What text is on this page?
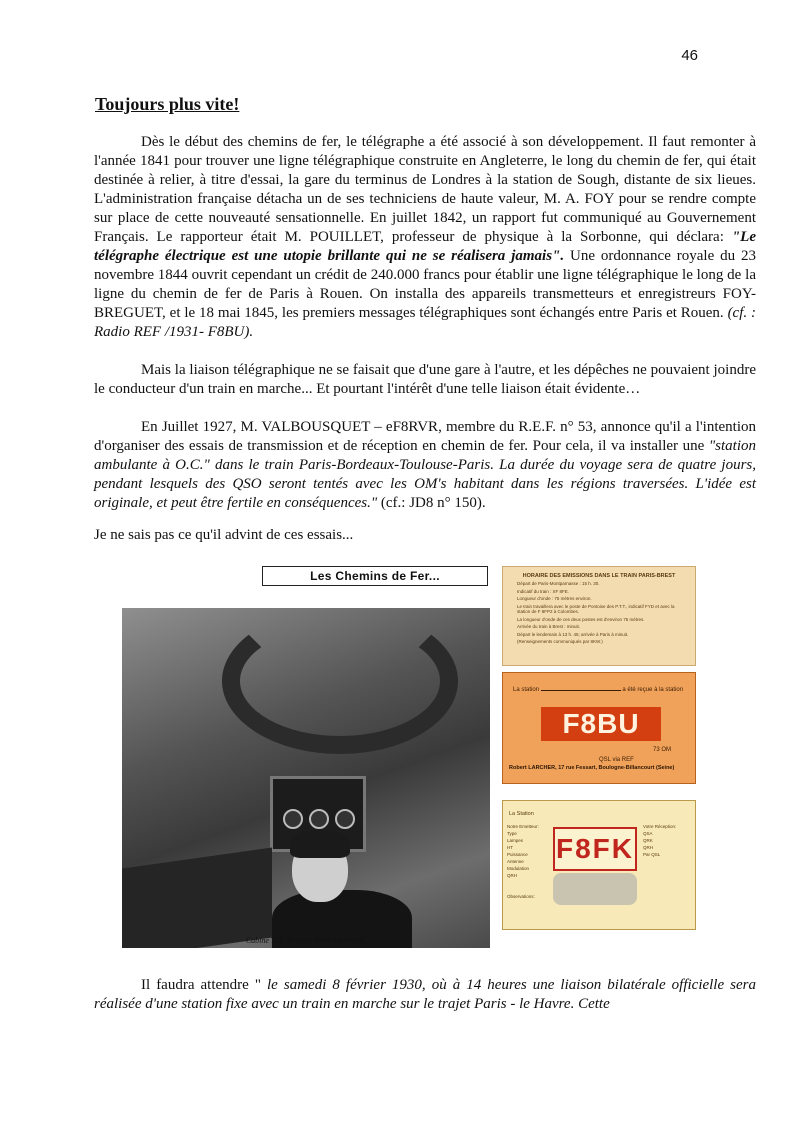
46
Toujours plus vite!

Dès le début des chemins de fer, le télégraphe a été associé à son développement. Il faut remonter à l'année 1841 pour trouver une ligne télégraphique construite en Angleterre, le long du chemin de fer, qui était destinée à relier, à titre d'essai, la gare du terminus de Londres à la station de Sough, distante de six lieues. L'administration française détacha un de ses techniciens de haute valeur, M. A. FOY pour se rendre compte sur place de cette nouveauté sensationnelle. En juillet 1842, un rapport fut communiqué au Gouvernement Français. Le rapporteur était M. POUILLET, professeur de physique à la Sorbonne, qui déclara: "Le télégraphe électrique est une utopie brillante qui ne se réalisera jamais". Une ordonnance royale du 23 novembre 1844 ouvrit cependant un crédit de 240.000 francs pour établir une ligne télégraphique le long de la ligne du chemin de fer de Paris à Rouen. On installa des appareils transmetteurs et enregistreurs FOY-BREGUET, et le 18 mai 1845, les premiers messages télégraphiques sont échangés entre Paris et Rouen. (cf. : Radio REF /1931- F8BU).

Mais la liaison télégraphique ne se faisait que d'une gare à l'autre, et les dépêches ne pouvaient joindre le conducteur d'un train en marche... Et pourtant l'intérêt d'une telle liaison était évidente…

En Juillet 1927, M. VALBOUSQUET – eF8RVR, membre du R.E.F. n° 53, annonce qu'il a l'intention d'organiser des essais de transmission et de réception en chemin de fer. Pour cela, il va installer une "station ambulante à O.C." dans le train Paris-Bordeaux-Toulouse-Paris. La durée du voyage sera de quatre jours, pendant lesquels des QSO seront tentés avec les OM's habitant dans les régions traversées. L'idée est originale, et peut être fertile en conséquences." (cf.: JD8 n° 150).

Je ne sais pas ce qu'il advint de ces essais...

Les Chemins de Fer...
Cabine TSF du train Paris-Le-Havre.
HORAIRE DES EMISSIONS DANS LE TRAIN PARIS-BREST
Départ de Paris-Montparnasse : 15 h. 30.
Indicatif du train : XF 8FE.
Longueur d'onde : 75 mètres environ.
Le train travaillera avec le poste de Pontoise des P.T.T., indicatif FYD et avec la station de F 8FP2 à Colombes.
La longueur d'onde de ces deux postes est d'environ 75 mètres.
Arrivée du train à Brest : minuit.
Départ le lendemain à 13 h. 45; arrivée à Paris à minuit.
(Renseignements communiqués par 8KW.)
La station	a été reçue à la station
F8BU
73 OM
QSL via REF
Robert LARCHER, 17 rue Fessart, Boulogne-Billancourt (Seine)
La Station
Notre Emetteur:
Type
Lampes
HT
Puissance
Antenne
Modulation
QRH
Observations:
F8FK
Votre Réception:
QSA
QRK
QRH
Par QSL

Il faudra attendre " le samedi 8 février 1930, où à 14 heures une liaison bilatérale officielle sera réalisée d'une station fixe avec un train en marche sur le trajet Paris - le Havre. Cette
